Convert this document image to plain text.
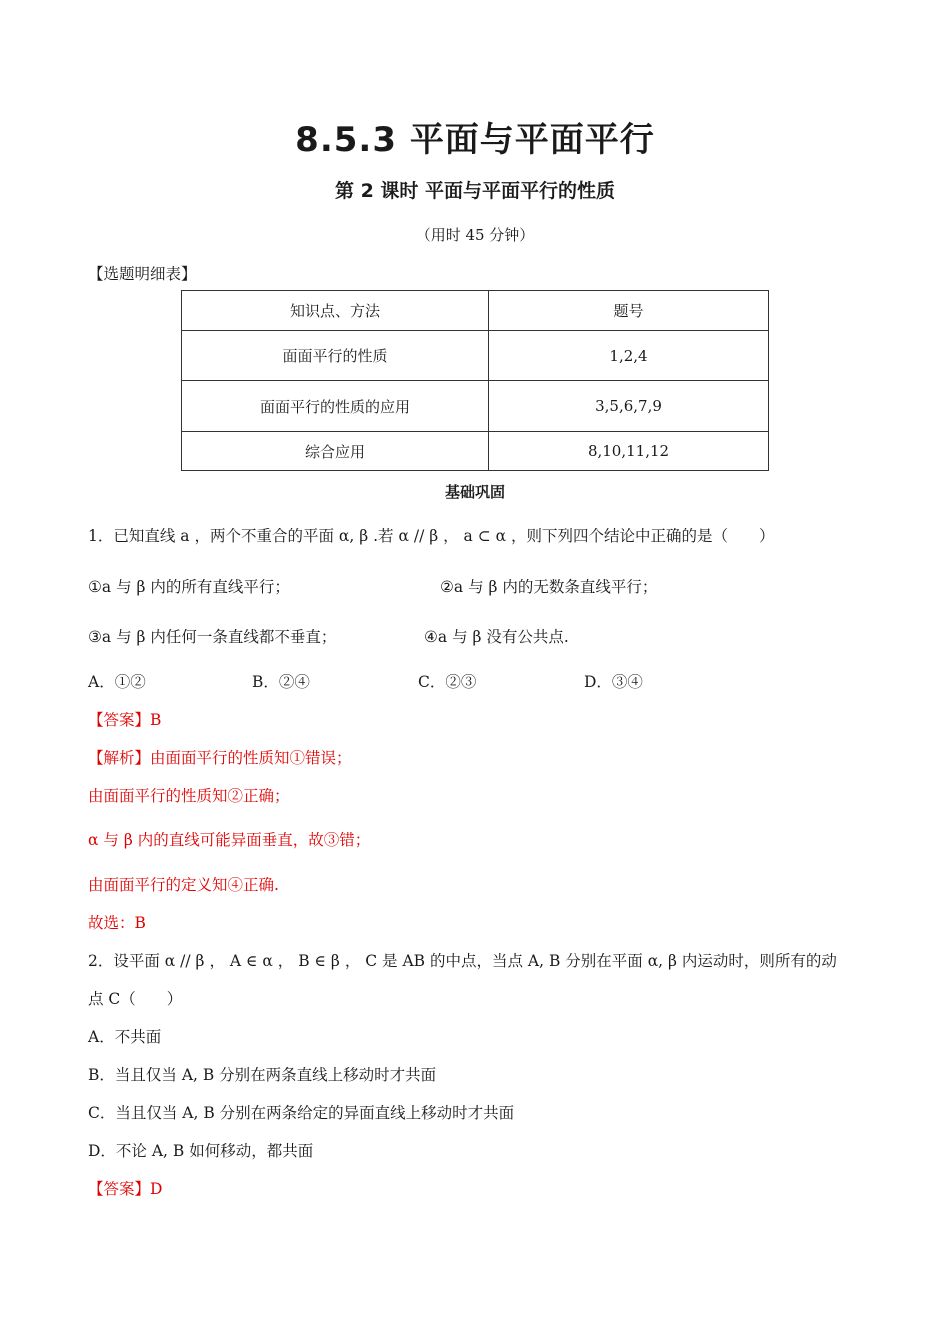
8.5.3 平面与平面平行
第 2 课时 平面与平面平行的性质
（用时 45 分钟）
【选题明细表】
知识点、方法	题号
面面平行的性质	1,2,4
面面平行的性质的应用	3,5,6,7,9
综合应用	8,10,11,12
基础巩固
1．已知直线 a ，两个不重合的平面 α, β .若 α // β ， a ⊂ α ，则下列四个结论中正确的是（　　）
①a 与 β 内的所有直线平行；	②a 与 β 内的无数条直线平行；
③a 与 β 内任何一条直线都不垂直；	④a 与 β 没有公共点.
A．①②	B．②④	C．②③	D．③④
【答案】B
【解析】由面面平行的性质知①错误；
由面面平行的性质知②正确；
α 与 β 内的直线可能异面垂直，故③错；
由面面平行的定义知④正确.
故选：B
2．设平面 α // β ， A ∈ α ， B ∈ β ， C 是 AB 的中点，当点 A, B 分别在平面 α, β 内运动时，则所有的动
点 C（　　）
A．不共面
B．当且仅当 A, B 分别在两条直线上移动时才共面
C．当且仅当 A, B 分别在两条给定的异面直线上移动时才共面
D．不论 A, B 如何移动，都共面
【答案】D
